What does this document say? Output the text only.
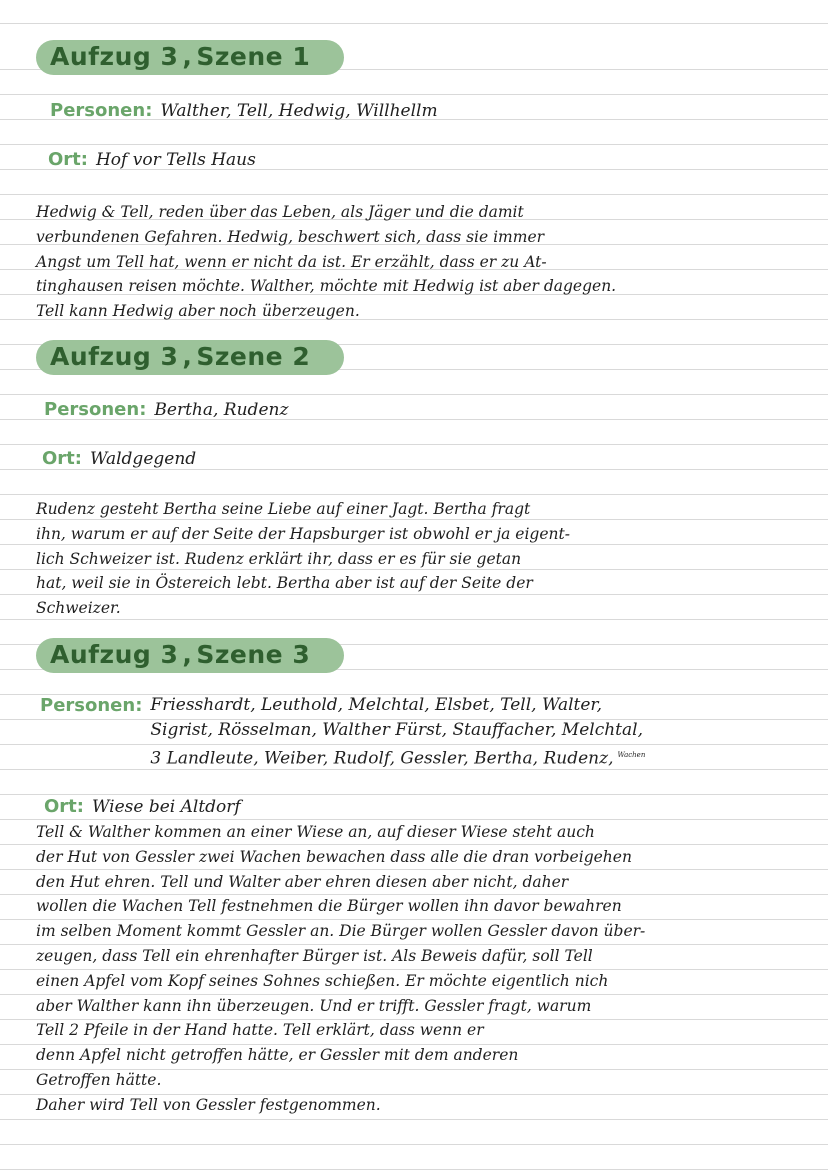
Aufzug 3 , Szene 1
Personen: Walther, Tell, Hedwig, Willhellm
Ort: Hof vor Tells Haus

Hedwig & Tell, reden über das Leben, als Jäger und die damit

verbundenen Gefahren. Hedwig, beschwert sich, dass sie immer

Angst um Tell hat, wenn er nicht da ist. Er erzählt, dass er zu At-

tinghausen reisen möchte. Walther, möchte mit Hedwig ist aber dagegen.

Tell kann Hedwig aber noch überzeugen.

Aufzug 3 , Szene 2
Personen: Bertha, Rudenz
Ort: Waldgegend

Rudenz gesteht Bertha seine Liebe auf einer Jagt. Bertha fragt

ihn, warum er auf der Seite der Hapsburger ist obwohl er ja eigent-

lich Schweizer ist. Rudenz erklärt ihr, dass er es für sie getan

hat, weil sie in Östereich lebt. Bertha aber ist auf der Seite der

Schweizer.

Aufzug 3 , Szene 3
Personen: Friesshardt, Leuthold, Melchtal, Elsbet, Tell, Walter,
Sigrist, Rösselman, Walther Fürst, Stauffacher, Melchtal,
3 Landleute, Weiber, Rudolf, Gessler, Bertha, Rudenz, $^{Wachen}$
Ort: Wiese bei Altdorf

Tell & Walther kommen an einer Wiese an, auf dieser Wiese steht auch

der Hut von Gessler zwei Wachen bewachen dass alle die dran vorbeigehen

den Hut ehren. Tell und Walter aber ehren diesen aber nicht, daher

wollen die Wachen Tell festnehmen die Bürger wollen ihn davor bewahren

im selben Moment kommt Gessler an. Die Bürger wollen Gessler davon über-

zeugen, dass Tell ein ehrenhafter Bürger ist. Als Beweis dafür, soll Tell

einen Apfel vom Kopf seines Sohnes schießen. Er möchte eigentlich nich

aber Walther kann ihn überzeugen. Und er trifft. Gessler fragt, warum

Tell 2 Pfeile in der Hand hatte. Tell erklärt, dass wenn er

denn Apfel nicht getroffen hätte, er Gessler mit dem anderen

Getroffen hätte.

Daher wird Tell von Gessler festgenommen.
